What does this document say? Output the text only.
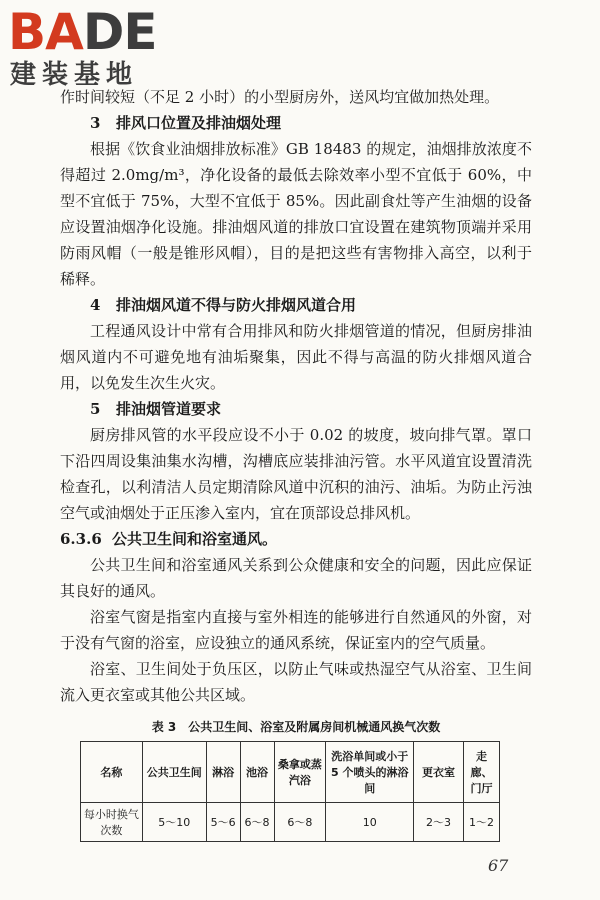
BADE
建装基地

作时间较短（不足 2 小时）的小型厨房外，送风均宜做加热处理。

3 排风口位置及排油烟处理

根据《饮食业油烟排放标准》GB 18483 的规定，油烟排放浓度不得超过 2.0mg/m³，净化设备的最低去除效率小型不宜低于 60%，中型不宜低于 75%，大型不宜低于 85%。因此副食灶等产生油烟的设备应设置油烟净化设施。排油烟风道的排放口宜设置在建筑物顶端并采用防雨风帽（一般是锥形风帽），目的是把这些有害物排入高空，以利于稀释。

4 排油烟风道不得与防火排烟风道合用

工程通风设计中常有合用排风和防火排烟管道的情况，但厨房排油烟风道内不可避免地有油垢聚集，因此不得与高温的防火排烟风道合用，以免发生次生火灾。

5 排油烟管道要求

厨房排风管的水平段应设不小于 0.02 的坡度，坡向排气罩。罩口下沿四周设集油集水沟槽，沟槽底应装排油污管。水平风道宜设置清洗检查孔，以利清洁人员定期清除风道中沉积的油污、油垢。为防止污浊空气或油烟处于正压渗入室内，宜在顶部设总排风机。

6.3.6 公共卫生间和浴室通风。

公共卫生间和浴室通风关系到公众健康和安全的问题，因此应保证其良好的通风。

浴室气窗是指室内直接与室外相连的能够进行自然通风的外窗，对于没有气窗的浴室，应设独立的通风系统，保证室内的空气质量。

浴室、卫生间处于负压区，以防止气味或热湿空气从浴室、卫生间流入更衣室或其他公共区域。

表 3　公共卫生间、浴室及附属房间机械通风换气次数
名称	公共卫生间	淋浴	池浴	桑拿或蒸汽浴	洗浴单间或小于 5 个喷头的淋浴间	更衣室	走廊、门厅
每小时换气次数	5～10	5～6	6～8	6～8	10	2～3	1～2
67
